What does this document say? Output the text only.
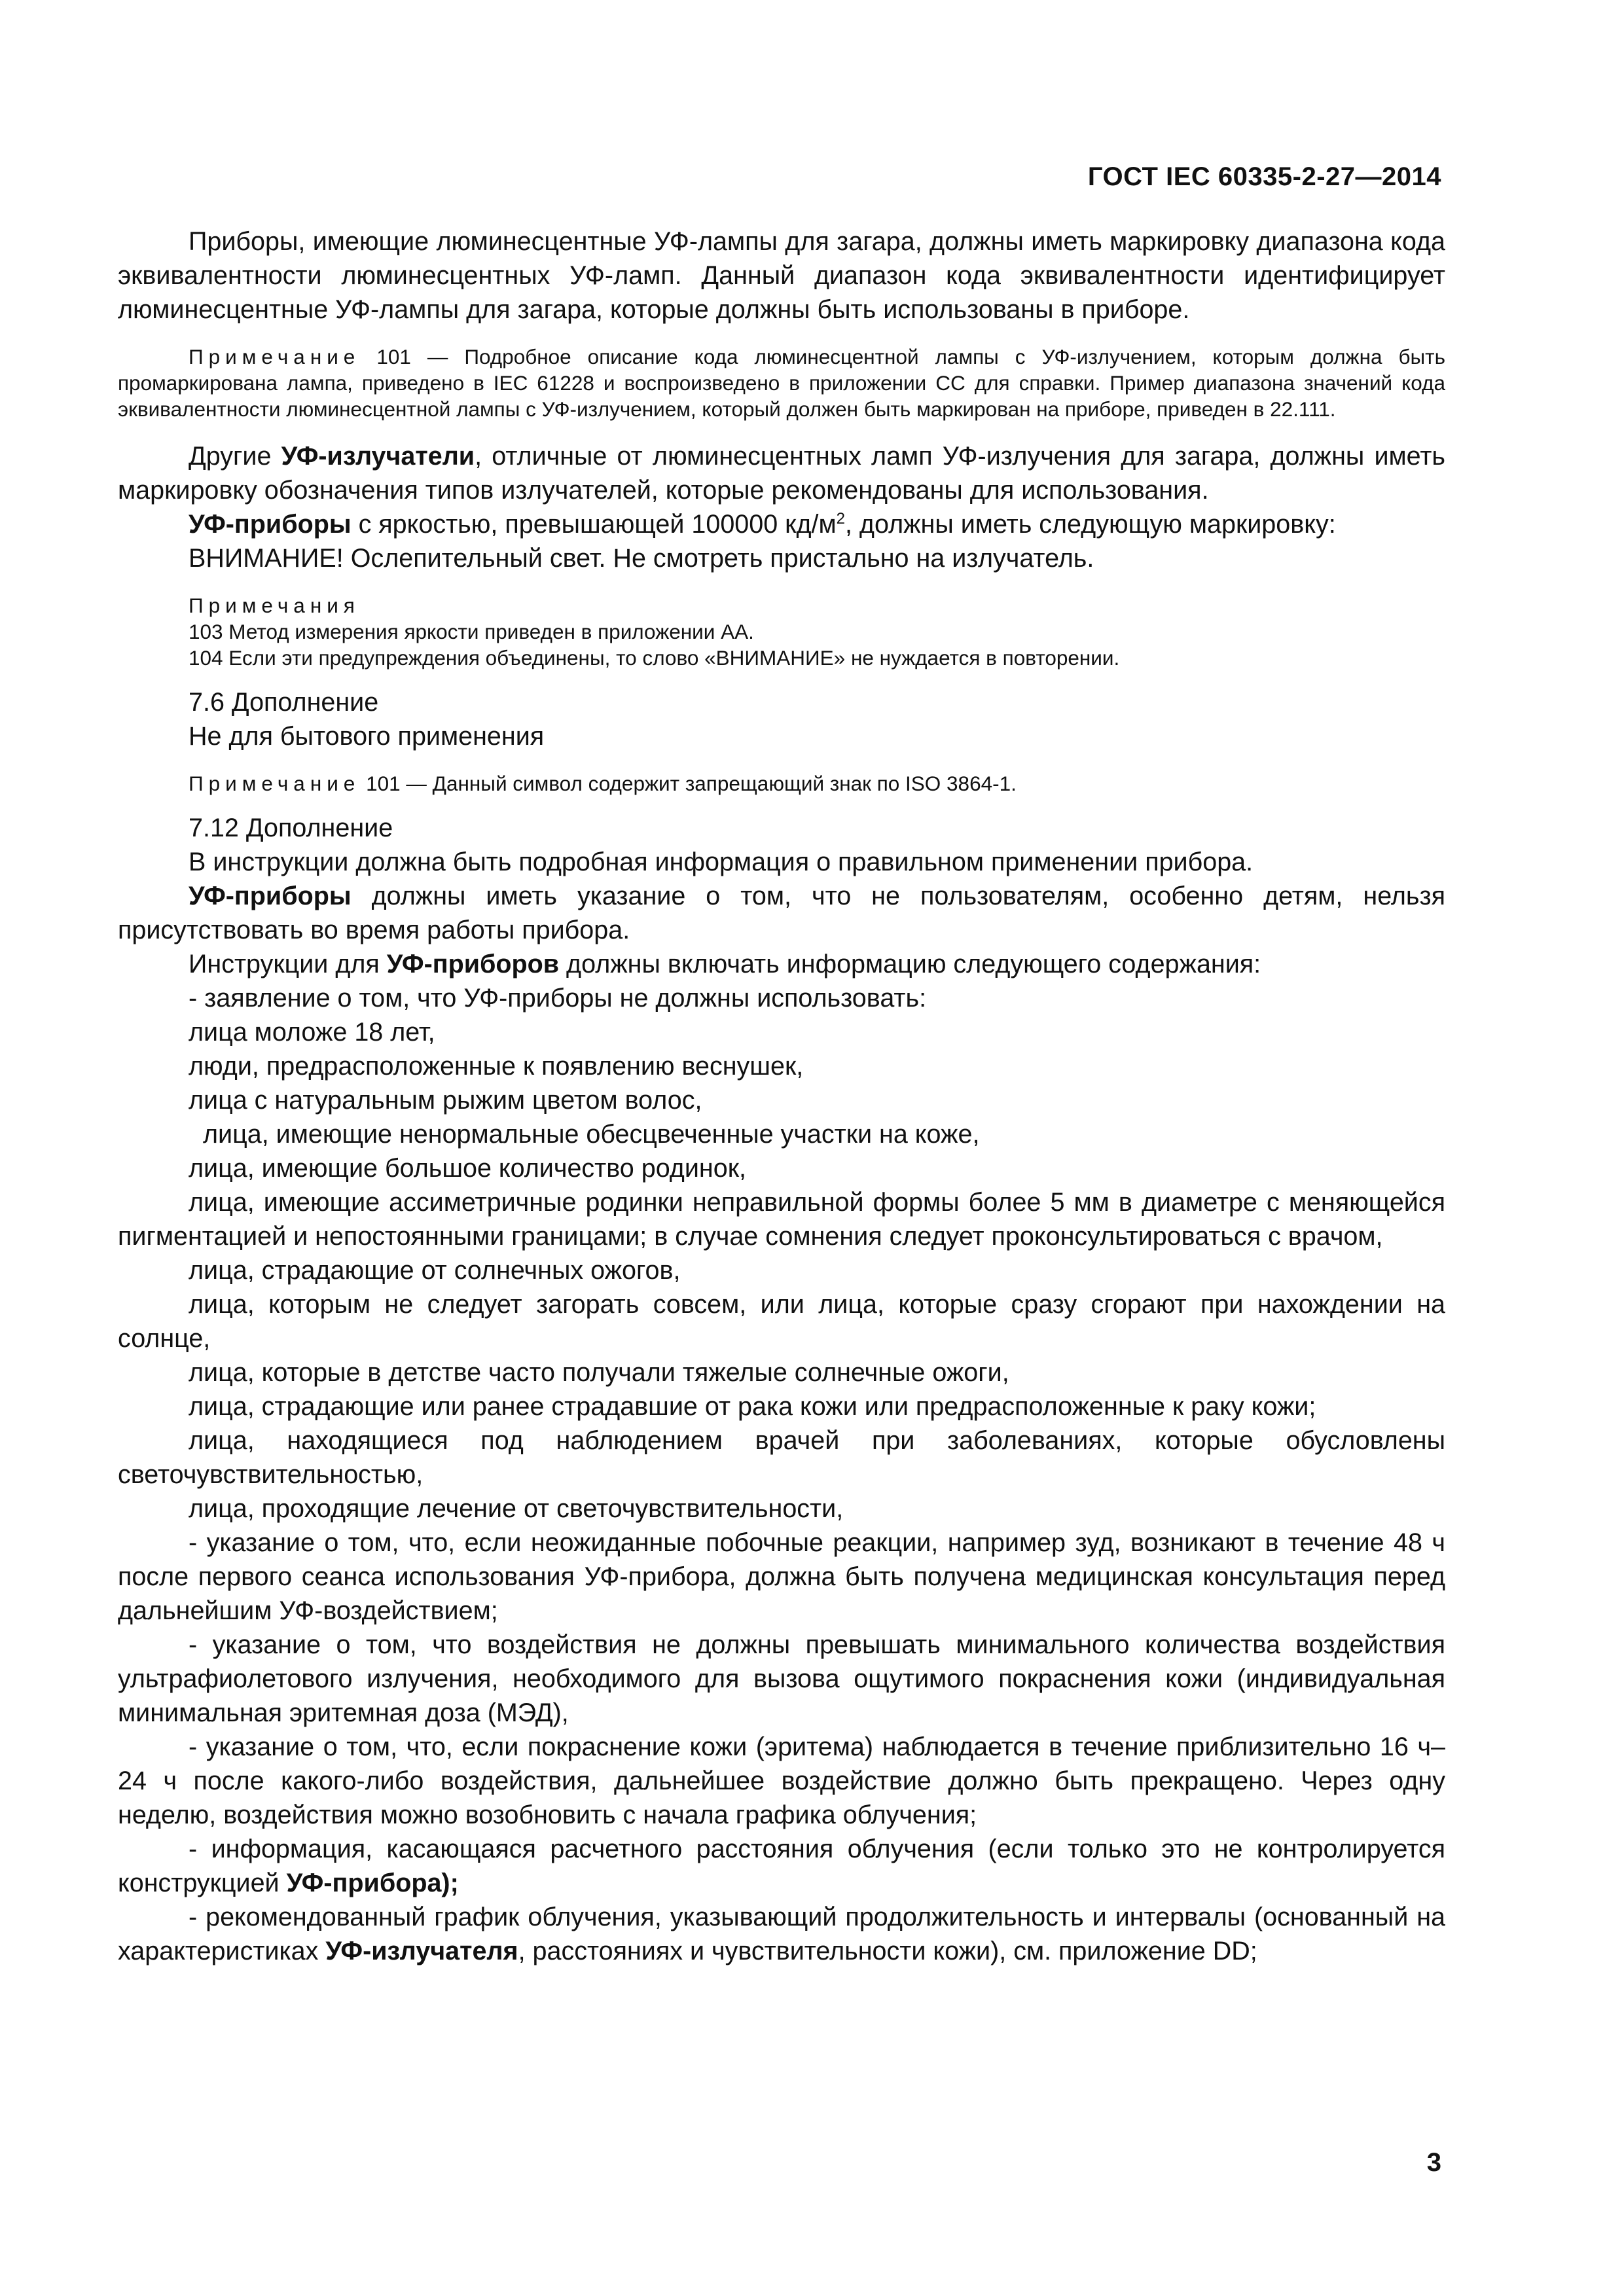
ГОСТ IEC 60335-2-27—2014

Приборы, имеющие люминесцентные УФ-лампы для загара, должны иметь маркировку диапазона кода эквивалентности люминесцентных УФ-ламп. Данный диапазон кода эквивалентности идентифицирует люминесцентные УФ-лампы для загара, которые должны быть использованы в приборе.

Примечание 101 — Подробное описание кода люминесцентной лампы с УФ-излучением, которым должна быть промаркирована лампа, приведено в IEC 61228 и воспроизведено в приложении CC для справки. Пример диапазона значений кода эквивалентности люминесцентной лампы с УФ-излучением, который должен быть маркирован на приборе, приведен в 22.111.

Другие УФ-излучатели, отличные от люминесцентных ламп УФ-излучения для загара, должны иметь маркировку обозначения типов излучателей, которые рекомендованы для использования.

УФ-приборы с яркостью, превышающей 100000 $кд/м^2$, должны иметь следующую маркировку:

ВНИМАНИЕ! Ослепительный свет. Не смотреть пристально на излучатель.

Примечания

103 Метод измерения яркости приведен в приложении AA.

104 Если эти предупреждения объединены, то слово «ВНИМАНИЕ» не нуждается в повторении.

7.6 Дополнение

Не для бытового применения

Примечание 101 — Данный символ содержит запрещающий знак по ISO 3864-1.

7.12 Дополнение

В инструкции должна быть подробная информация о правильном применении прибора.

УФ-приборы должны иметь указание о том, что не пользователям, особенно детям, нельзя присутствовать во время работы прибора.

Инструкции для УФ-приборов должны включать информацию следующего содержания:

- заявление о том, что УФ-приборы не должны использовать:

лица моложе 18 лет,

люди, предрасположенные к появлению веснушек,

лица с натуральным рыжим цветом волос,

лица, имеющие ненормальные обесцвеченные участки на коже,

лица, имеющие большое количество родинок,

лица, имеющие ассиметричные родинки неправильной формы более 5 мм в диаметре с меняющейся пигментацией и непостоянными границами; в случае сомнения следует проконсультироваться с врачом,

лица, страдающие от солнечных ожогов,

лица, которым не следует загорать совсем, или лица, которые сразу сгорают при нахождении на солнце,

лица, которые в детстве часто получали тяжелые солнечные ожоги,

лица, страдающие или ранее страдавшие от рака кожи или предрасположенные к раку кожи;

лица, находящиеся под наблюдением врачей при заболеваниях, которые обусловлены светочувствительностью,

лица, проходящие лечение от светочувствительности,

- указание о том, что, если неожиданные побочные реакции, например зуд, возникают в течение 48 ч после первого сеанса использования УФ-прибора, должна быть получена медицинская консультация перед дальнейшим УФ-воздействием;

- указание о том, что воздействия не должны превышать минимального количества воздействия ультрафиолетового излучения, необходимого для вызова ощутимого покраснения кожи (индивидуальная минимальная эритемная доза (МЭД),

- указание о том, что, если покраснение кожи (эритема) наблюдается в течение приблизительно 16 ч–24 ч после какого-либо воздействия, дальнейшее воздействие должно быть прекращено. Через одну неделю, воздействия можно возобновить с начала графика облучения;

- информация, касающаяся расчетного расстояния облучения (если только это не контролируется конструкцией УФ-прибора);

- рекомендованный график облучения, указывающий продолжительность и интервалы (основанный на характеристиках УФ-излучателя, расстояниях и чувствительности кожи), см. приложение DD;

3
